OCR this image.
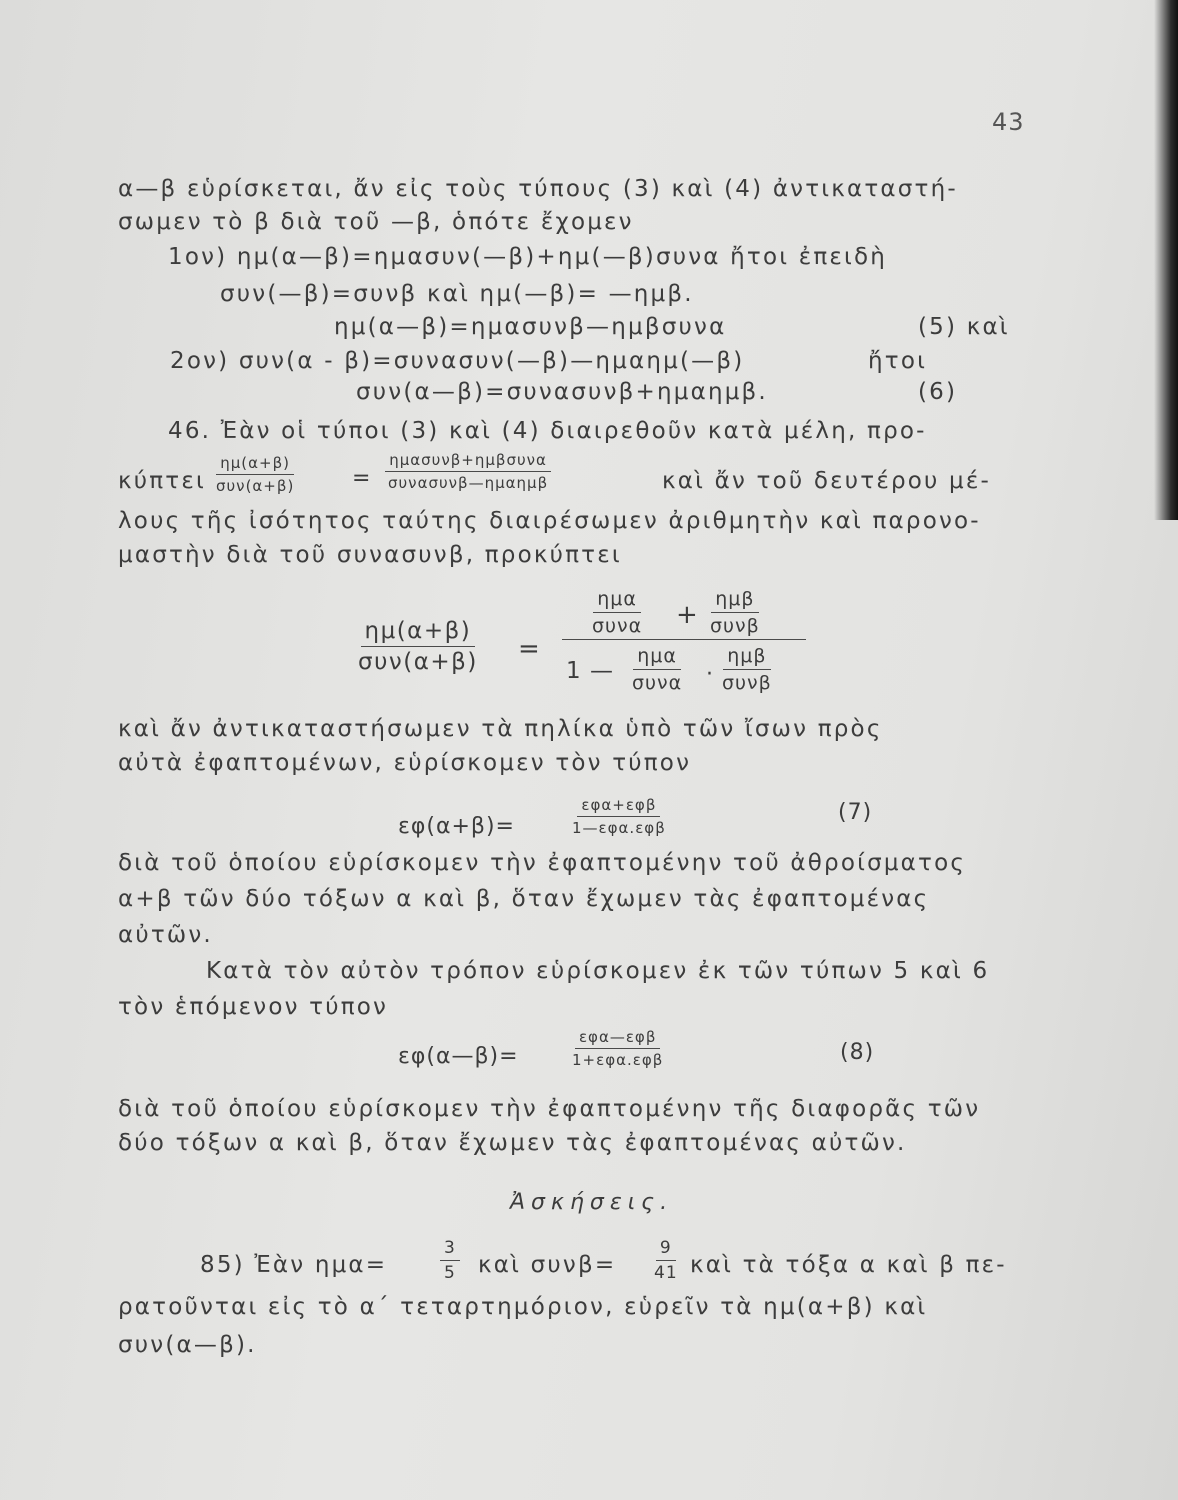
43
α—β εὑρίσκεται, ἄν εἰς τοὺς τύπους (3) καὶ (4) ἀντικαταστή-
σωμεν τὸ β διὰ τοῦ —β, ὁπότε ἔχομεν
1ον) ημ(α—β)=ημασυν(—β)+ημ(—β)συνα ἤτοι ἐπειδὴ
συν(—β)=συνβ καὶ ημ(—β)= —ημβ.
ημ(α—β)=ημασυνβ—ημβσυνα	(5) καὶ
2ον) συν(α - β)=συνασυν(—β)—ημαημ(—β)	ἤτοι
συν(α—β)=συνασυνβ+ημαημβ.	(6)
46. Ἐὰν οἱ τύποι (3) καὶ (4) διαιρεθοῦν κατὰ μέλη, προ-
κύπτει
ημ(α+β)
συν(α+β)	=
ημασυνβ+ημβσυνα
συνασυνβ—ημαημβ	καὶ ἄν τοῦ δευτέρου μέ-
λους τῆς ἰσότητος ταύτης διαιρέσωμεν ἀριθμητὴν καὶ παρονο-
μαστὴν διὰ τοῦ συνασυνβ, προκύπτει
ημ(α+β)
συν(α+β) =
ημα
συνα +
ημβ
συνβ
1 —
ημα
συνα ·
ημβ
συνβ
καὶ ἄν ἀντικαταστήσωμεν τὰ πηλίκα ὑπὸ τῶν ἴσων πρὸς
αὐτὰ ἐφαπτομένων, εὑρίσκομεν τὸν τύπον
εφ(α+β)=
εφα+εφβ
1—εφα.εφβ
(7)
διὰ τοῦ ὁποίου εὑρίσκομεν τὴν ἐφαπτομένην τοῦ ἀθροίσματος
α+β τῶν δύο τόξων α καὶ β, ὅταν ἔχωμεν τὰς ἐφαπτομένας
αὐτῶν.
Κατὰ τὸν αὐτὸν τρόπον εὑρίσκομεν ἐκ τῶν τύπων 5 καὶ 6
τὸν ἑπόμενον τύπον
εφ(α—β)=
εφα—εφβ
1+εφα.εφβ	(8)
διὰ τοῦ ὁποίου εὑρίσκομεν τὴν ἐφαπτομένην τῆς διαφορᾶς τῶν
δύο τόξων α καὶ β, ὅταν ἔχωμεν τὰς ἐφαπτομένας αὐτῶν.
Ἀσκήσεις.
85) Ἐὰν ημα=	$\frac{3}{5}$ καὶ $\sigma\upsilon\nu\beta= \frac{9}{41}$ καὶ τὰ τόξα α καὶ β πε-
ρατοῦνται εἰς τὸ α΄ τεταρτημόριον, εὑρεῖν τὰ ημ(α+β) καὶ
συν(α—β).
